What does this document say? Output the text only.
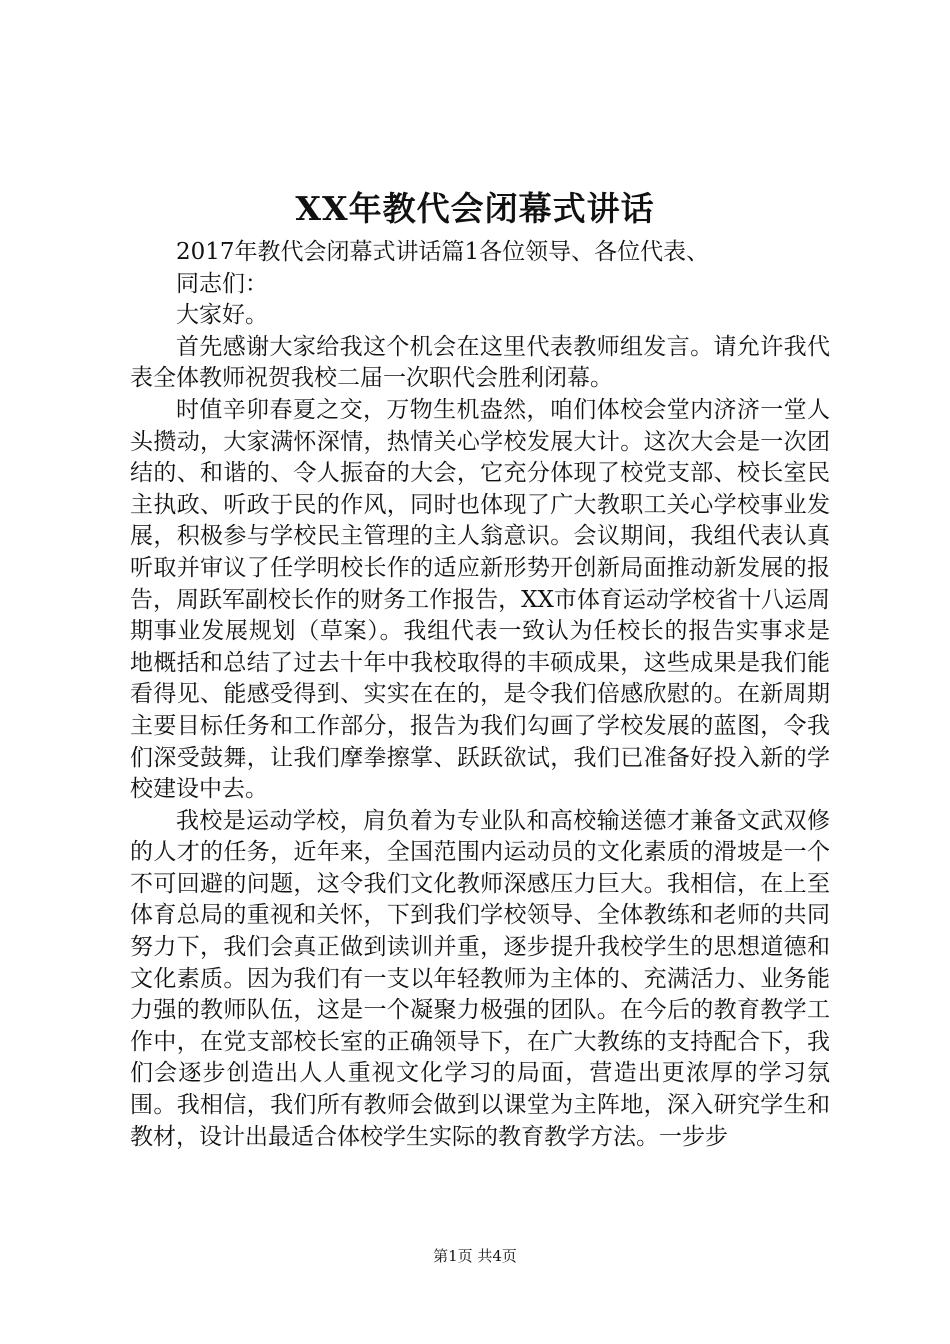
XX年教代会闭幕式讲话

2017年教代会闭幕式讲话篇1各位领导、各位代表、

同志们：

大家好。

首先感谢大家给我这个机会在这里代表教师组发言。请允许我代表全体教师祝贺我校二届一次职代会胜利闭幕。

时值辛卯春夏之交，万物生机盎然，咱们体校会堂内济济一堂人头攒动，大家满怀深情，热情关心学校发展大计。这次大会是一次团结的、和谐的、令人振奋的大会，它充分体现了校党支部、校长室民主执政、听政于民的作风，同时也体现了广大教职工关心学校事业发展，积极参与学校民主管理的主人翁意识。会议期间，我组代表认真听取并审议了任学明校长作的适应新形势开创新局面推动新发展的报告，周跃军副校长作的财务工作报告，XX市体育运动学校省十八运周期事业发展规划（草案）。我组代表一致认为任校长的报告实事求是地概括和总结了过去十年中我校取得的丰硕成果，这些成果是我们能看得见、能感受得到、实实在在的，是令我们倍感欣慰的。在新周期主要目标任务和工作部分，报告为我们勾画了学校发展的蓝图，令我们深受鼓舞，让我们摩拳擦掌、跃跃欲试，我们已准备好投入新的学校建设中去。

我校是运动学校，肩负着为专业队和高校输送德才兼备文武双修的人才的任务，近年来，全国范围内运动员的文化素质的滑坡是一个不可回避的问题，这令我们文化教师深感压力巨大。我相信，在上至体育总局的重视和关怀，下到我们学校领导、全体教练和老师的共同努力下，我们会真正做到读训并重，逐步提升我校学生的思想道德和文化素质。因为我们有一支以年轻教师为主体的、充满活力、业务能力强的教师队伍，这是一个凝聚力极强的团队。在今后的教育教学工作中，在党支部校长室的正确领导下，在广大教练的支持配合下，我们会逐步创造出人人重视文化学习的局面，营造出更浓厚的学习氛围。我相信，我们所有教师会做到以课堂为主阵地，深入研究学生和教材，设计出最适合体校学生实际的教育教学方法。一步步

第1页 共4页
